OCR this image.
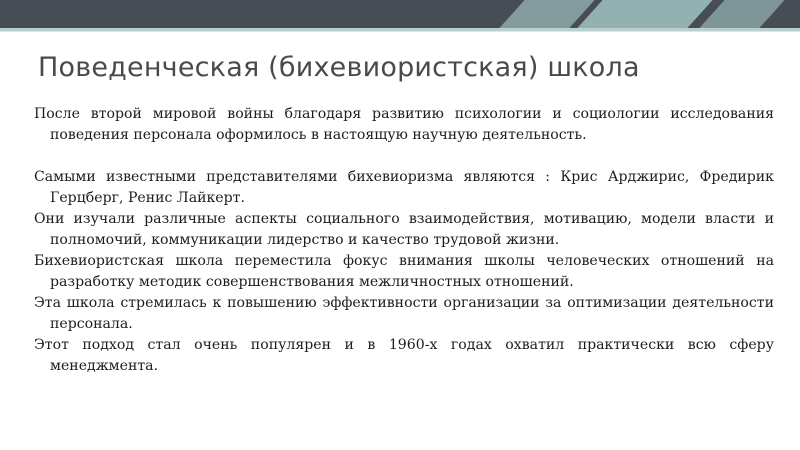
Поведенческая (бихевиористская) школа

После второй мировой войны благодаря развитию психологии и социологии исследования поведения персонала оформилось в настоящую научную деятельность.

Самыми известными представителями бихевиоризма являются : Крис Арджирис, Фредирик Герцберг, Ренис Лайкерт.

Они изучали различные аспекты социального взаимодействия, мотивацию, модели власти и полномочий, коммуникации лидерство и качество трудовой жизни.

Бихевиористская школа переместила фокус внимания школы человеческих отношений на разработку методик совершенствования межличностных отношений.

Эта школа стремилась к повышению эффективности организации за оптимизации деятельности персонала.

Этот подход стал очень популярен и в 1960-х годах охватил практически всю сферу менеджмента.
